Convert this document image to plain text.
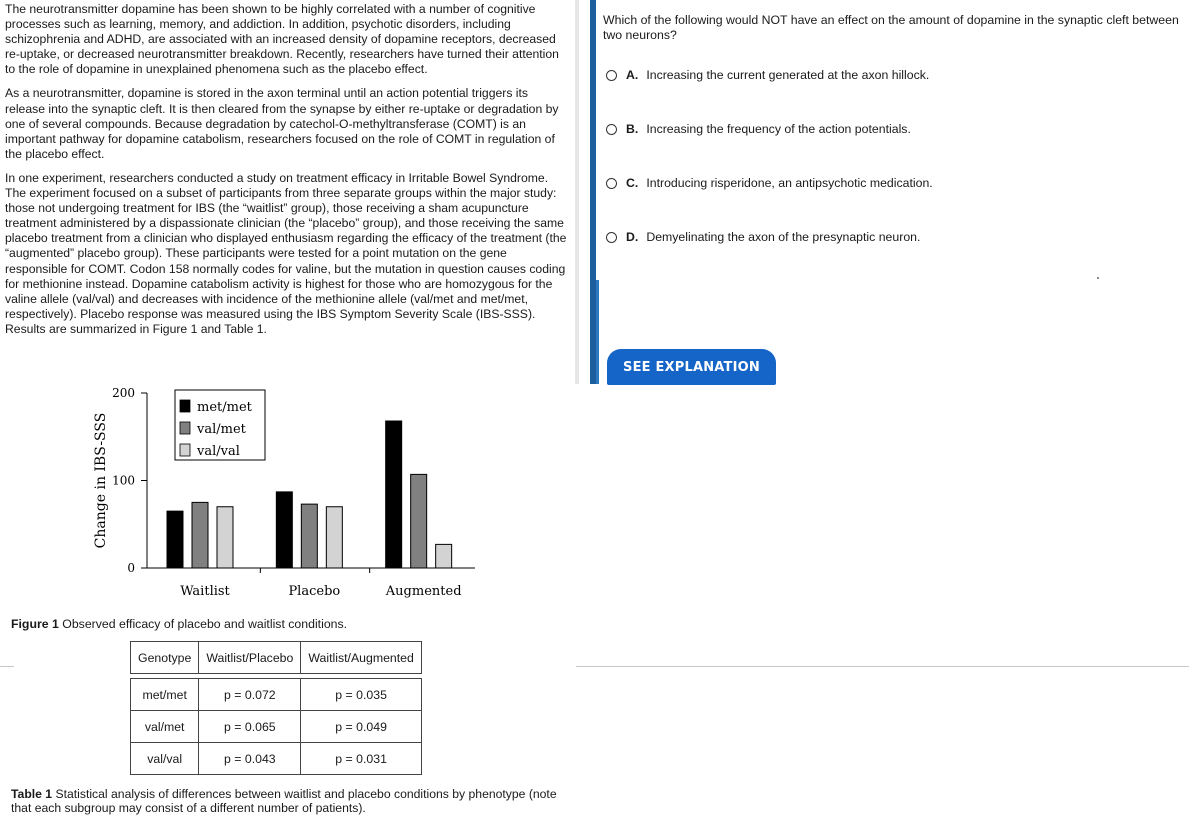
The neurotransmitter dopamine has been shown to be highly correlated with a number of cognitive processes such as learning, memory, and addiction. In addition, psychotic disorders, including schizophrenia and ADHD, are associated with an increased density of dopamine receptors, decreased re-uptake, or decreased neurotransmitter breakdown. Recently, researchers have turned their attention to the role of dopamine in unexplained phenomena such as the placebo effect.

As a neurotransmitter, dopamine is stored in the axon terminal until an action potential triggers its release into the synaptic cleft. It is then cleared from the synapse by either re-uptake or degradation by one of several compounds. Because degradation by catechol-O-methyltransferase (COMT) is an important pathway for dopamine catabolism, researchers focused on the role of COMT in regulation of the placebo effect.

In one experiment, researchers conducted a study on treatment efficacy in Irritable Bowel Syndrome. The experiment focused on a subset of participants from three separate groups within the major study: those not undergoing treatment for IBS (the “waitlist” group), those receiving a sham acupuncture treatment administered by a dispassionate clinician (the “placebo” group), and those receiving the same placebo treatment from a clinician who displayed enthusiasm regarding the efficacy of the treatment (the “augmented” placebo group). These participants were tested for a point mutation on the gene responsible for COMT. Codon 158 normally codes for valine, but the mutation in question causes coding for methionine instead. Dopamine catabolism activity is highest for those who are homozygous for the valine allele (val/val) and decreases with incidence of the methionine allele (val/met and met/met, respectively). Placebo response was measured using the IBS Symptom Severity Scale (IBS-SSS). Results are summarized in Figure 1 and Table 1.

0
100
200
Change in IBS-SSS
Waitlist	Placebo	Augmented
met/met
val/met
val/val
Figure 1 Observed efficacy of placebo and waitlist conditions.
Genotype	Waitlist/Placebo	Waitlist/Augmented

met/met	p = 0.072	p = 0.035
val/met	p = 0.065	p = 0.049
val/val	p = 0.043	p = 0.031
Table 1 Statistical analysis of differences between waitlist and placebo conditions by phenotype (note that each subgroup may consist of a different number of patients).
Which of the following would NOT have an effect on the amount of dopamine in the synaptic cleft between two neurons?
A. Increasing the current generated at the axon hillock.
B. Increasing the frequency of the action potentials.
C. Introducing risperidone, an antipsychotic medication.
D. Demyelinating the axon of the presynaptic neuron.
SEE EXPLANATION
